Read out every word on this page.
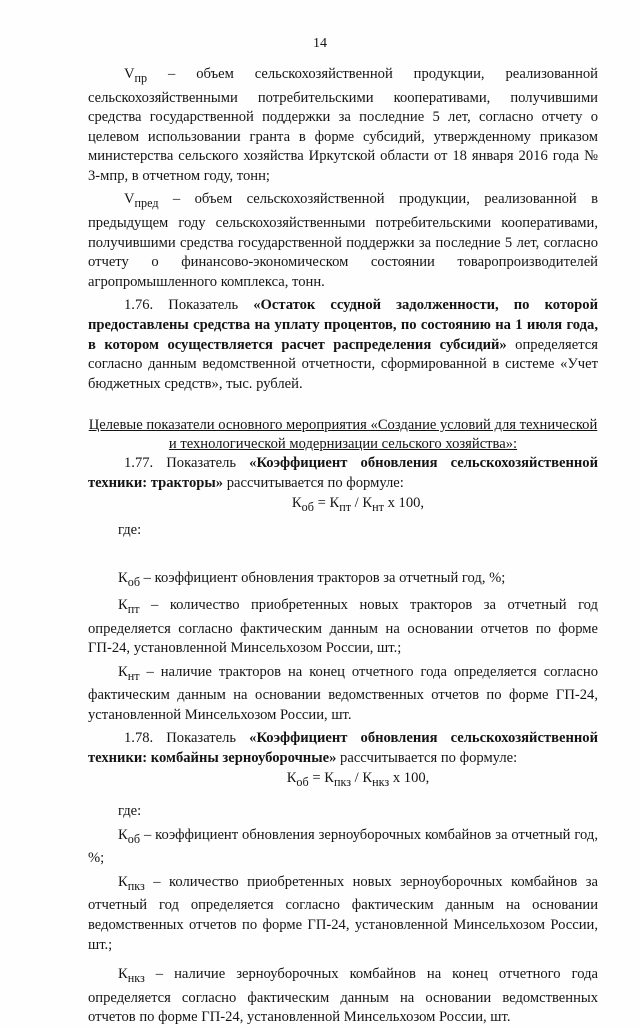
14

$V_{пр}$ – объем сельскохозяйственной продукции, реализованной сельскохозяйственными потребительскими кооперативами, получившими средства государственной поддержки за последние 5 лет, согласно отчету о целевом использовании гранта в форме субсидий, утвержденному приказом министерства сельского хозяйства Иркутской области от 18 января 2016 года № 3-мпр, в отчетном году, тонн;

$V_{пред}$ – объем сельскохозяйственной продукции, реализованной в предыдущем году сельскохозяйственными потребительскими кооперативами, получившими средства государственной поддержки за последние 5 лет, согласно отчету о финансово-экономическом состоянии товаропроизводителей агропромышленного комплекса, тонн.

1.76. Показатель «Остаток ссудной задолженности, по которой предоставлены средства на уплату процентов, по состоянию на 1 июля года, в котором осуществляется расчет распределения субсидий» определяется согласно данным ведомственной отчетности, сформированной в системе «Учет бюджетных средств», тыс. рублей.

Целевые показатели основного мероприятия «Создание условий для технической и технологической модернизации сельского хозяйства»:

1.77. Показатель «Коэффициент обновления сельскохозяйственной техники: тракторы» рассчитывается по формуле:

$К_{об} = К_{пт} / К_{нт}$ х 100,

где:

$К_{об}$ – коэффициент обновления тракторов за отчетный год, %;

$К_{пт}$ – количество приобретенных новых тракторов за отчетный год определяется согласно фактическим данным на основании отчетов по форме ГП-24, установленной Минсельхозом России, шт.;

$К_{нт}$ – наличие тракторов на конец отчетного года определяется согласно фактическим данным на основании ведомственных отчетов по форме ГП-24, установленной Минсельхозом России, шт.

1.78. Показатель «Коэффициент обновления сельскохозяйственной техники: комбайны зерноуборочные» рассчитывается по формуле:

$К_{об} = К_{пкз} / К_{нкз}$ х 100,

где:

$К_{об}$ – коэффициент обновления зерноуборочных комбайнов за отчетный год, %;

$К_{пкз}$ – количество приобретенных новых зерноуборочных комбайнов за отчетный год определяется согласно фактическим данным на основании ведомственных отчетов по форме ГП-24, установленной Минсельхозом России, шт.;

$К_{нкз}$ – наличие зерноуборочных комбайнов на конец отчетного года определяется согласно фактическим данным на основании ведомственных отчетов по форме ГП-24, установленной Минсельхозом России, шт.
